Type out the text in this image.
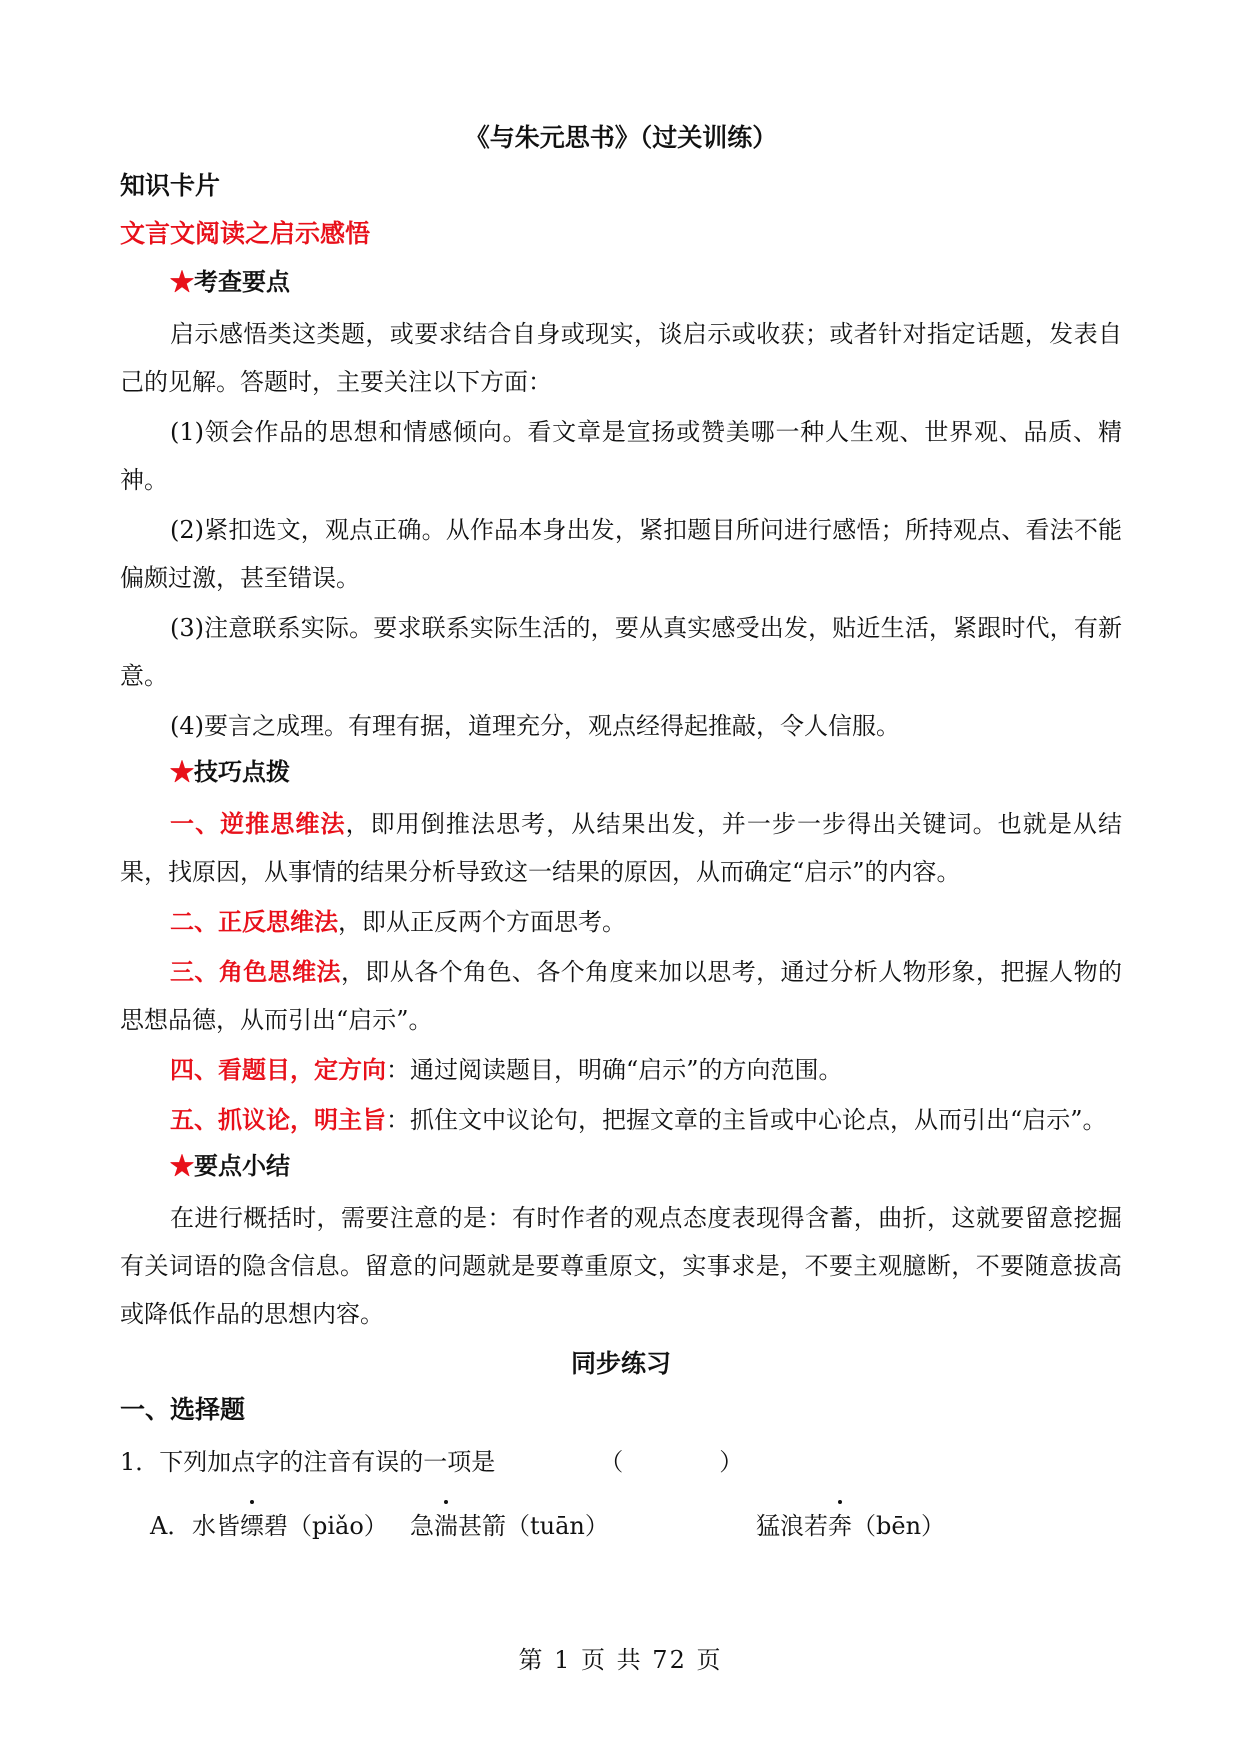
《与朱元思书》（过关训练）
知识卡片
文言文阅读之启示感悟
★考查要点

启示感悟类这类题，或要求结合自身或现实，谈启示或收获；或者针对指定话题，发表自己的见解。答题时，主要关注以下方面：

(1)领会作品的思想和情感倾向。看文章是宣扬或赞美哪一种人生观、世界观、品质、精神。

(2)紧扣选文，观点正确。从作品本身出发，紧扣题目所问进行感悟；所持观点、看法不能偏颇过激，甚至错误。

(3)注意联系实际。要求联系实际生活的，要从真实感受出发，贴近生活，紧跟时代，有新意。

(4)要言之成理。有理有据，道理充分，观点经得起推敲，令人信服。

★技巧点拨

一、逆推思维法，即用倒推法思考，从结果出发，并一步一步得出关键词。也就是从结果，找原因，从事情的结果分析导致这一结果的原因，从而确定“启示”的内容。

二、正反思维法，即从正反两个方面思考。

三、角色思维法，即从各个角色、各个角度来加以思考，通过分析人物形象，把握人物的思想品德，从而引出“启示”。

四、看题目，定方向：通过阅读题目，明确“启示”的方向范围。

五、抓议论，明主旨：抓住文中议论句，把握文章的主旨或中心论点，从而引出“启示”。

★要点小结

在进行概括时，需要注意的是：有时作者的观点态度表现得含蓄，曲折，这就要留意挖掘有关词语的隐含信息。留意的问题就是要尊重原文，实事求是，不要主观臆断，不要随意拔高或降低作品的思想内容。

同步练习
一、选择题
1．下列加点字的注音有误的一项是	（　　　　）
A． 水皆缥碧（piǎo） 急湍甚箭（tuān）	猛浪若奔（bēn）
第 1 页 共 72 页
